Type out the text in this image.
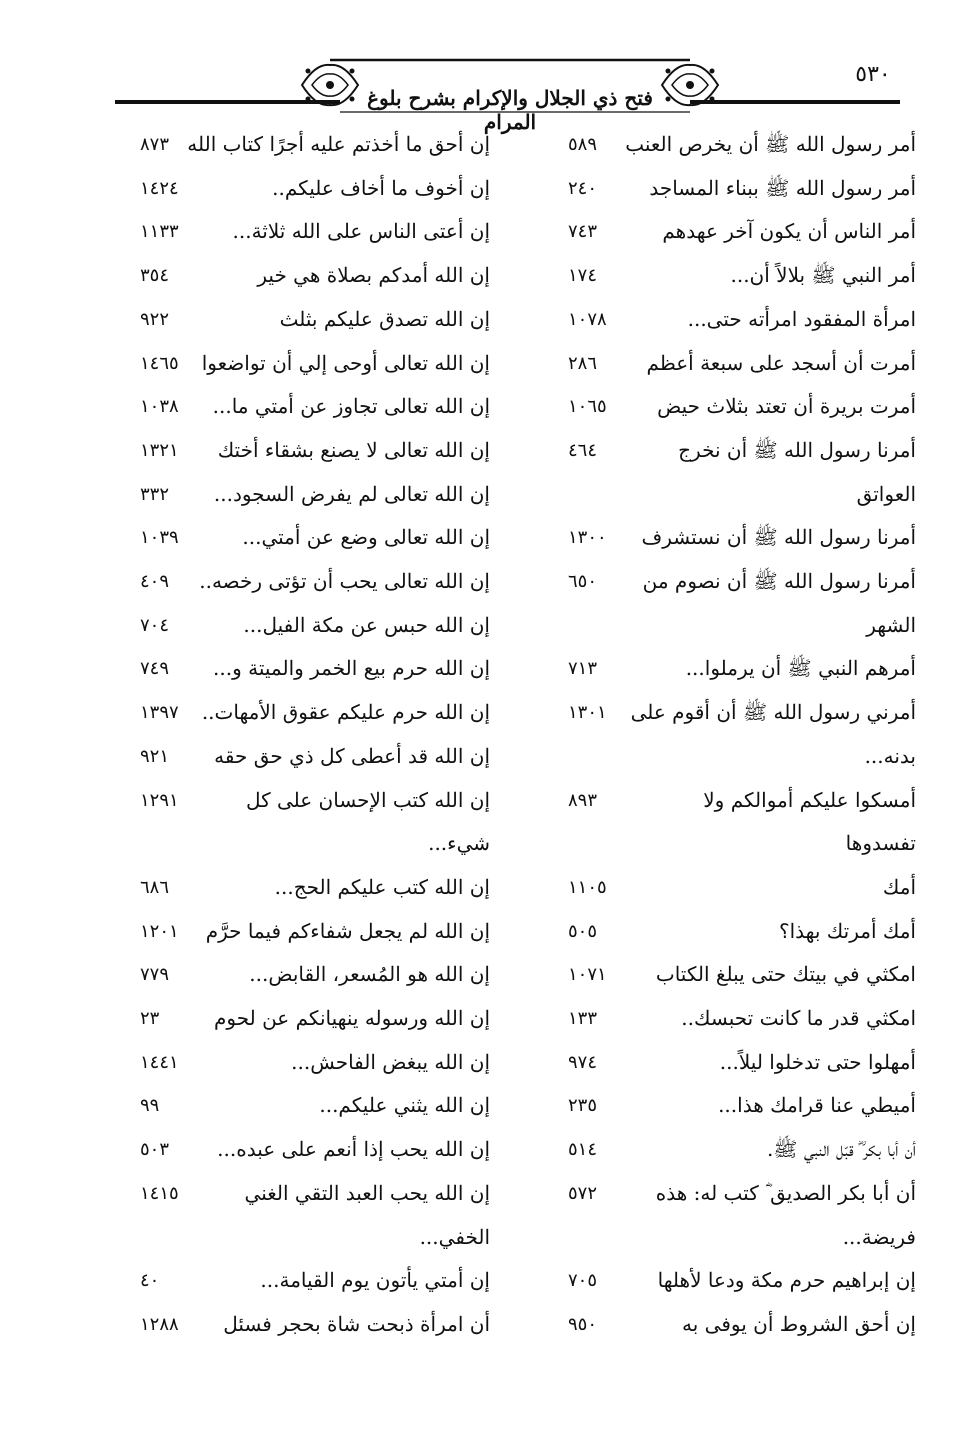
٥٣٠
فتح ذي الجلال والإكرام بشرح بلوغ المرام
أمر رسول الله ﷺ أن يخرص العنب
٥٨٩
أمر رسول الله ﷺ ببناء المساجد
٢٤٠
أمر الناس أن يكون آخر عهدهم
٧٤٣
أمر النبي ﷺ بلالاً أن...
١٧٤
امرأة المفقود امرأته حتى...
١٠٧٨
أمرت أن أسجد على سبعة أعظم
٢٨٦
أمرت بريرة أن تعتد بثلاث حيض
١٠٦٥
أمرنا رسول الله ﷺ أن نخرج
٤٦٤
العواتق
أمرنا رسول الله ﷺ أن نستشرف
١٣٠٠
أمرنا رسول الله ﷺ أن نصوم من
٦٥٠
الشهر
أمرهم النبي ﷺ أن يرملوا...
٧١٣
أمرني رسول الله ﷺ أن أقوم على
١٣٠١
بدنه...
أمسكوا عليكم أموالكم ولا
٨٩٣
تفسدوها
أمك
١١٠٥
أمك أمرتك بهذا؟
٥٠٥
امكثي في بيتك حتى يبلغ الكتاب
١٠٧١
امكثي قدر ما كانت تحبسك..
١٣٣
أمهلوا حتى تدخلوا ليلاً...
٩٧٤
أميطي عنا قرامك هذا...
٢٣٥
أن أبا بكر ؓ قبّل النبي ﷺ.
٥١٤
أن أبا بكر الصديق ؓ كتب له: هذه
٥٧٢
فريضة...
إن إبراهيم حرم مكة ودعا لأهلها
٧٠٥
إن أحق الشروط أن يوفى به
٩٥٠
إن أحق ما أخذتم عليه أجرًا كتاب الله
٨٧٣
إن أخوف ما أخاف عليكم..
١٤٢٤
إن أعتى الناس على الله ثلاثة...
١١٣٣
إن الله أمدكم بصلاة هي خير
٣٥٤
إن الله تصدق عليكم بثلث
٩٢٢
إن الله تعالى أوحى إلي أن تواضعوا
١٤٦٥
إن الله تعالى تجاوز عن أمتي ما...
١٠٣٨
إن الله تعالى لا يصنع بشقاء أختك
١٣٢١
إن الله تعالى لم يفرض السجود...
٣٣٢
إن الله تعالى وضع عن أمتي...
١٠٣٩
إن الله تعالى يحب أن تؤتى رخصه..
٤٠٩
إن الله حبس عن مكة الفيل...
٧٠٤
إن الله حرم بيع الخمر والميتة و...
٧٤٩
إن الله حرم عليكم عقوق الأمهات..
١٣٩٧
إن الله قد أعطى كل ذي حق حقه
٩٢١
إن الله كتب الإحسان على كل
١٢٩١
شيء...
إن الله كتب عليكم الحج...
٦٨٦
إن الله لم يجعل شفاءكم فيما حرَّم
١٢٠١
إن الله هو المُسعر، القابض...
٧٧٩
إن الله ورسوله ينهيانكم عن لحوم
٢٣
إن الله يبغض الفاحش...
١٤٤١
إن الله يثني عليكم...
٩٩
إن الله يحب إذا أنعم على عبده...
٥٠٣
إن الله يحب العبد التقي الغني
١٤١٥
الخفي...
إن أمتي يأتون يوم القيامة...
٤٠
أن امرأة ذبحت شاة بحجر فسئل
١٢٨٨
